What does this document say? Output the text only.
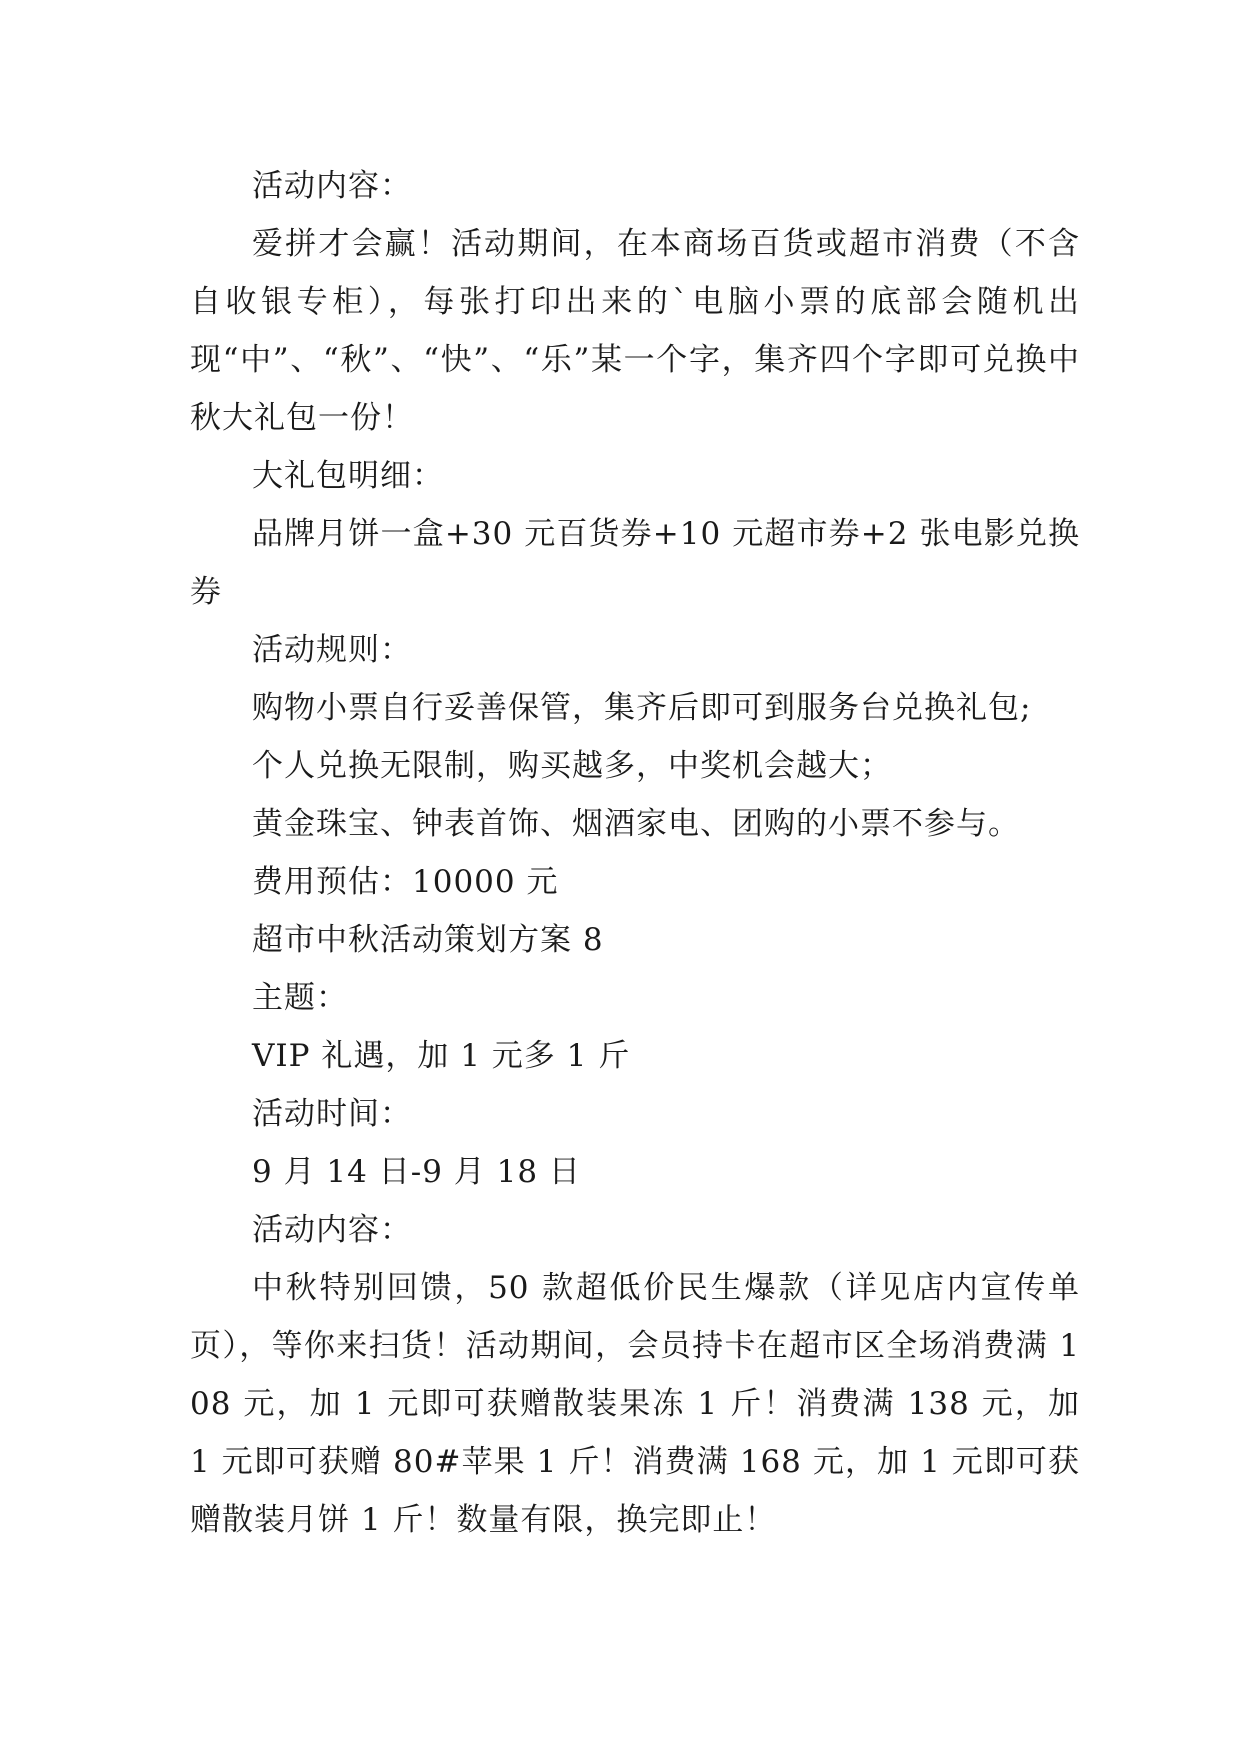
活动内容：

爱拼才会赢！活动期间，在本商场百货或超市消费（不含自收银专柜），每张打印出来的`电脑小票的底部会随机出现“中”、“秋”、“快”、“乐”某一个字，集齐四个字即可兑换中秋大礼包一份！

大礼包明细：

品牌月饼一盒+30 元百货券+10 元超市券+2 张电影兑换券

活动规则：

购物小票自行妥善保管，集齐后即可到服务台兑换礼包;

个人兑换无限制，购买越多，中奖机会越大；

黄金珠宝、钟表首饰、烟酒家电、团购的小票不参与。

费用预估：10000 元

超市中秋活动策划方案 8

主题：

VIP 礼遇，加 1 元多 1 斤

活动时间：

9 月 14 日-9 月 18 日

活动内容：

中秋特别回馈，50 款超低价民生爆款（详见店内宣传单页），等你来扫货！活动期间，会员持卡在超市区全场消费满 108 元，加 1 元即可获赠散装果冻 1 斤！消费满 138 元，加 1 元即可获赠 80#苹果 1 斤！消费满 168 元，加 1 元即可获赠散装月饼 1 斤！数量有限，换完即止！
